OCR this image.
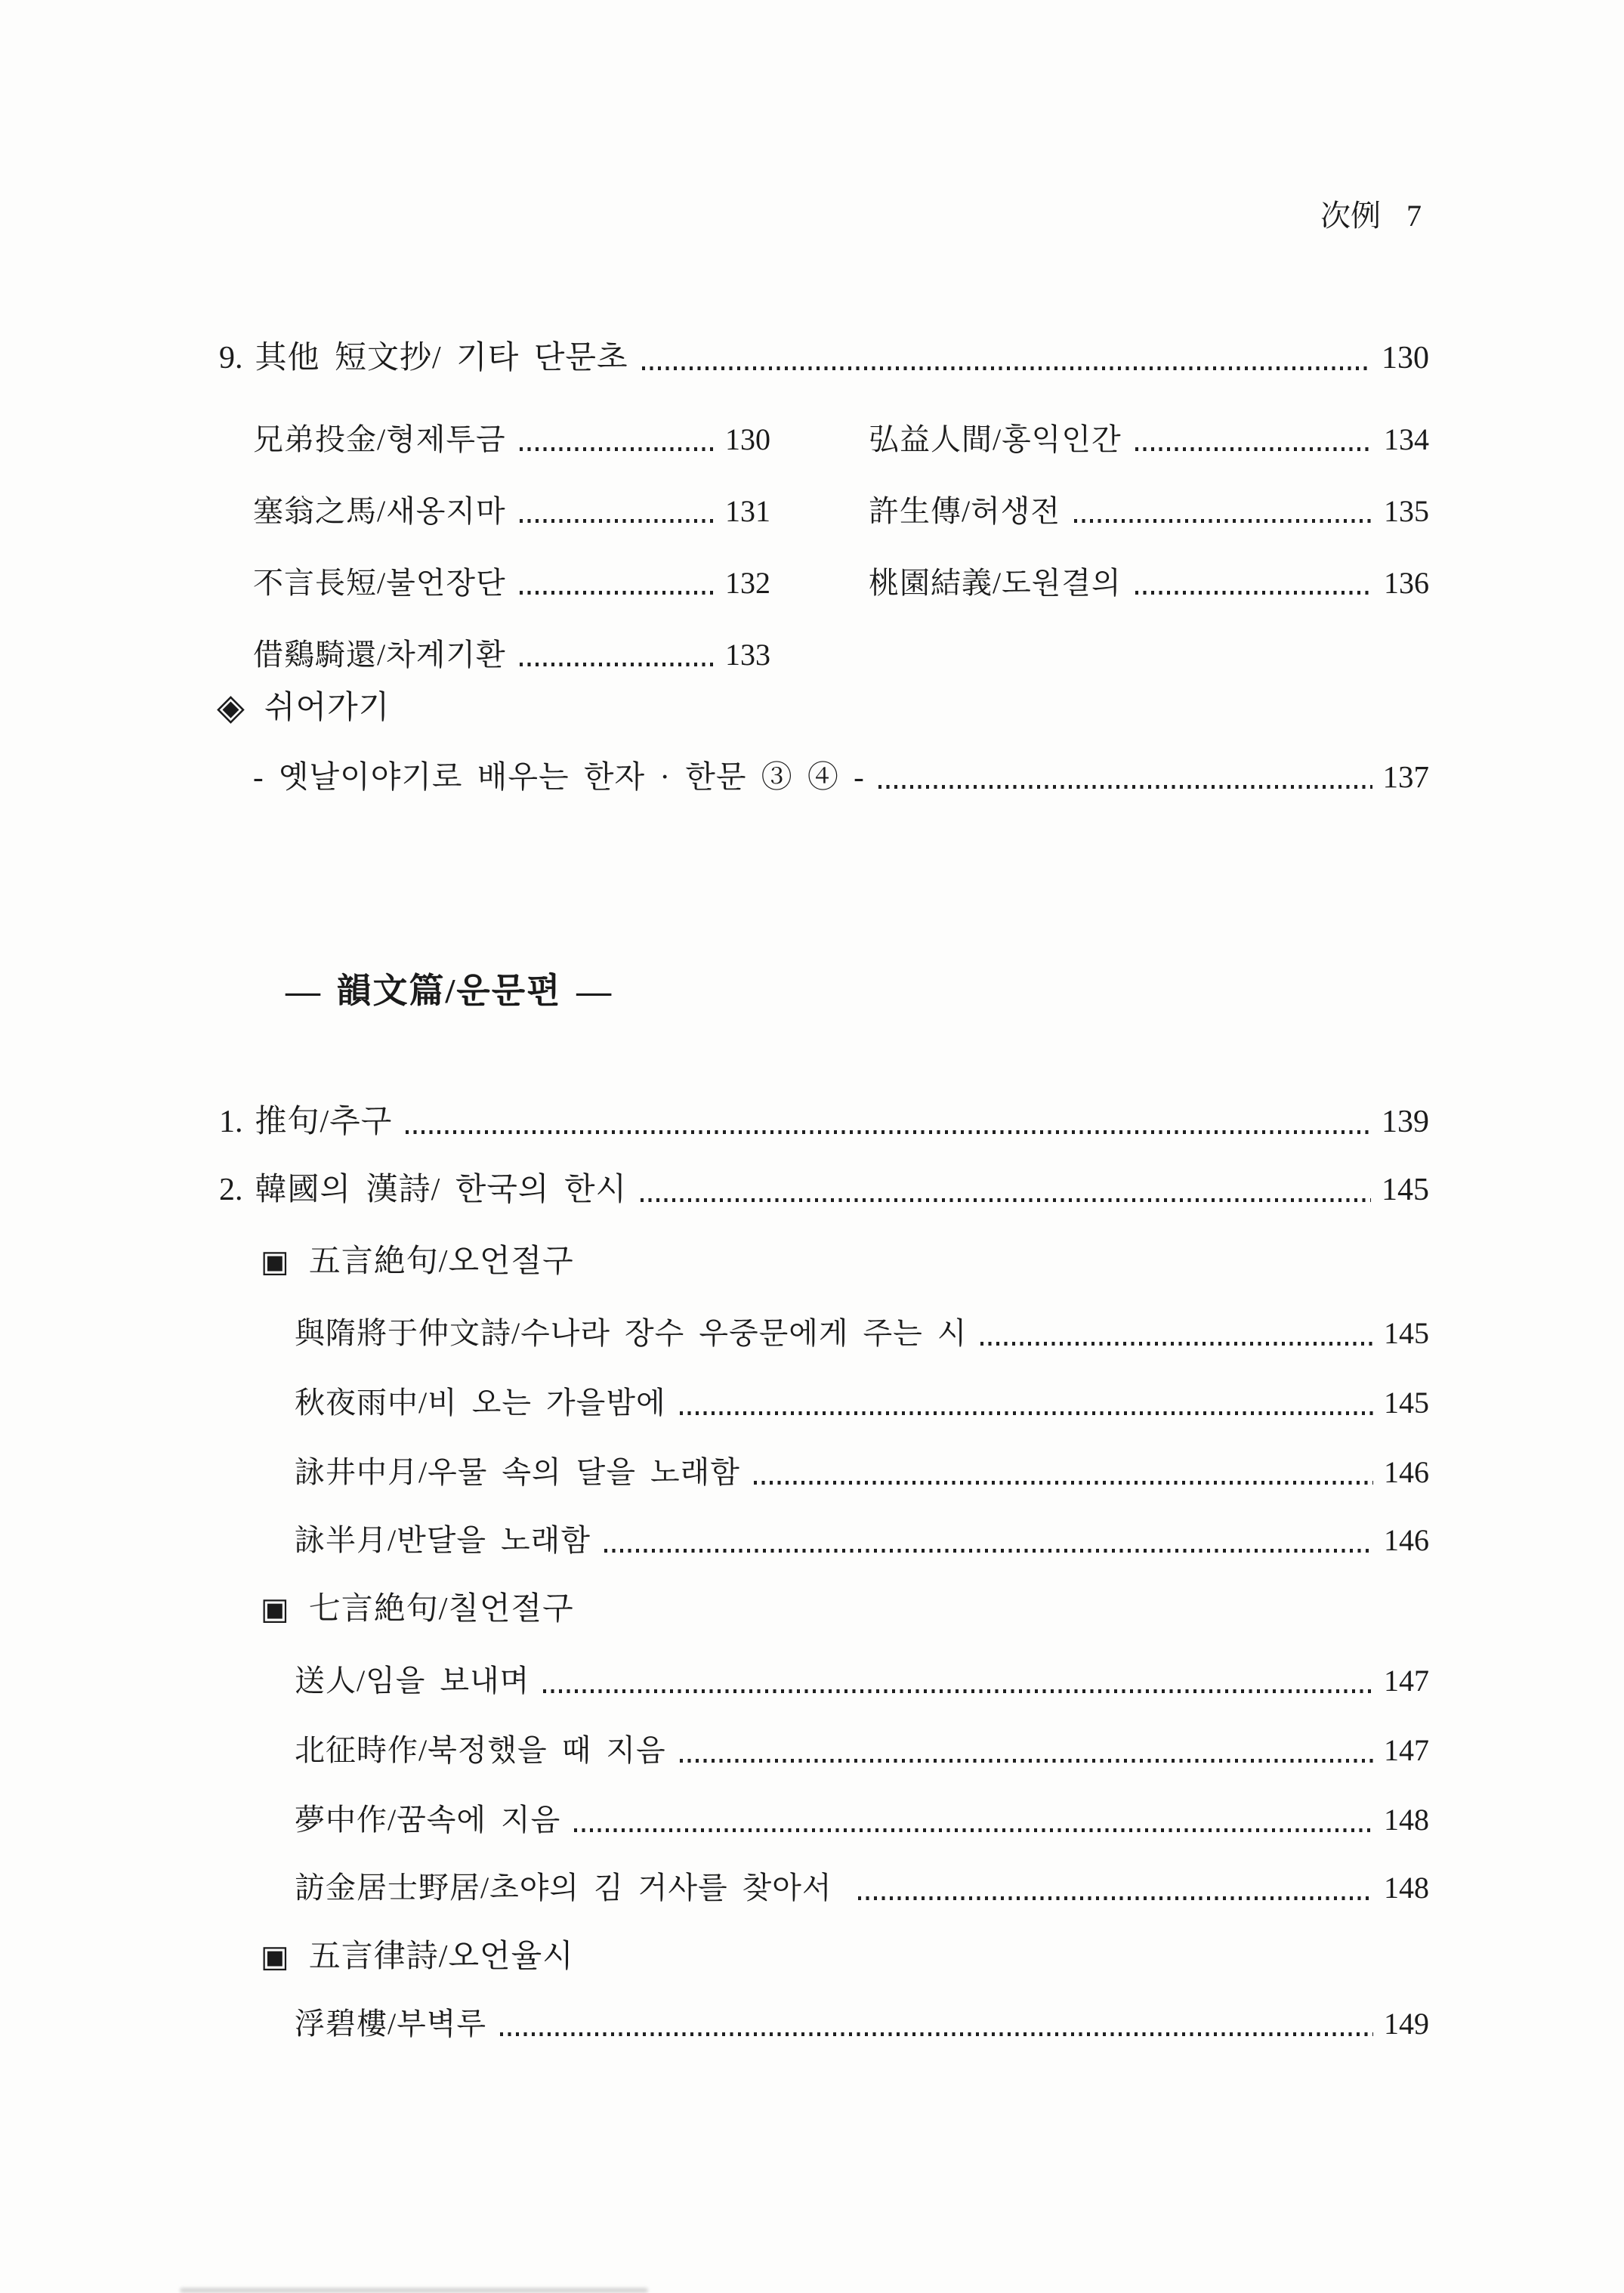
次例 7
9. 其他 短文抄/ 기타 단문초	130
兄弟投金/형제투금	130	弘益人間/홍익인간	134
塞翁之馬/새옹지마	131	許生傳/허생전	135
不言長短/불언장단	132	桃園結義/도원결의	136
借鷄騎還/차계기환	133
◈ 쉬어가기
- 옛날이야기로 배우는 한자 · 한문 ③ ④ -	137
— 韻文篇/운문편 —
1. 推句/추구	139
2. 韓國의 漢詩/ 한국의 한시	145
▣ 五言絶句/오언절구
與隋將于仲文詩/수나라 장수 우중문에게 주는 시	145
秋夜雨中/비 오는 가을밤에	145
詠井中月/우물 속의 달을 노래함	146
詠半月/반달을 노래함	146
▣ 七言絶句/칠언절구
送人/임을 보내며	147
北征時作/북정했을 때 지음	147
夢中作/꿈속에 지음	148
訪金居士野居/초야의 김 거사를 찾아서	148
▣ 五言律詩/오언율시
浮碧樓/부벽루	149
